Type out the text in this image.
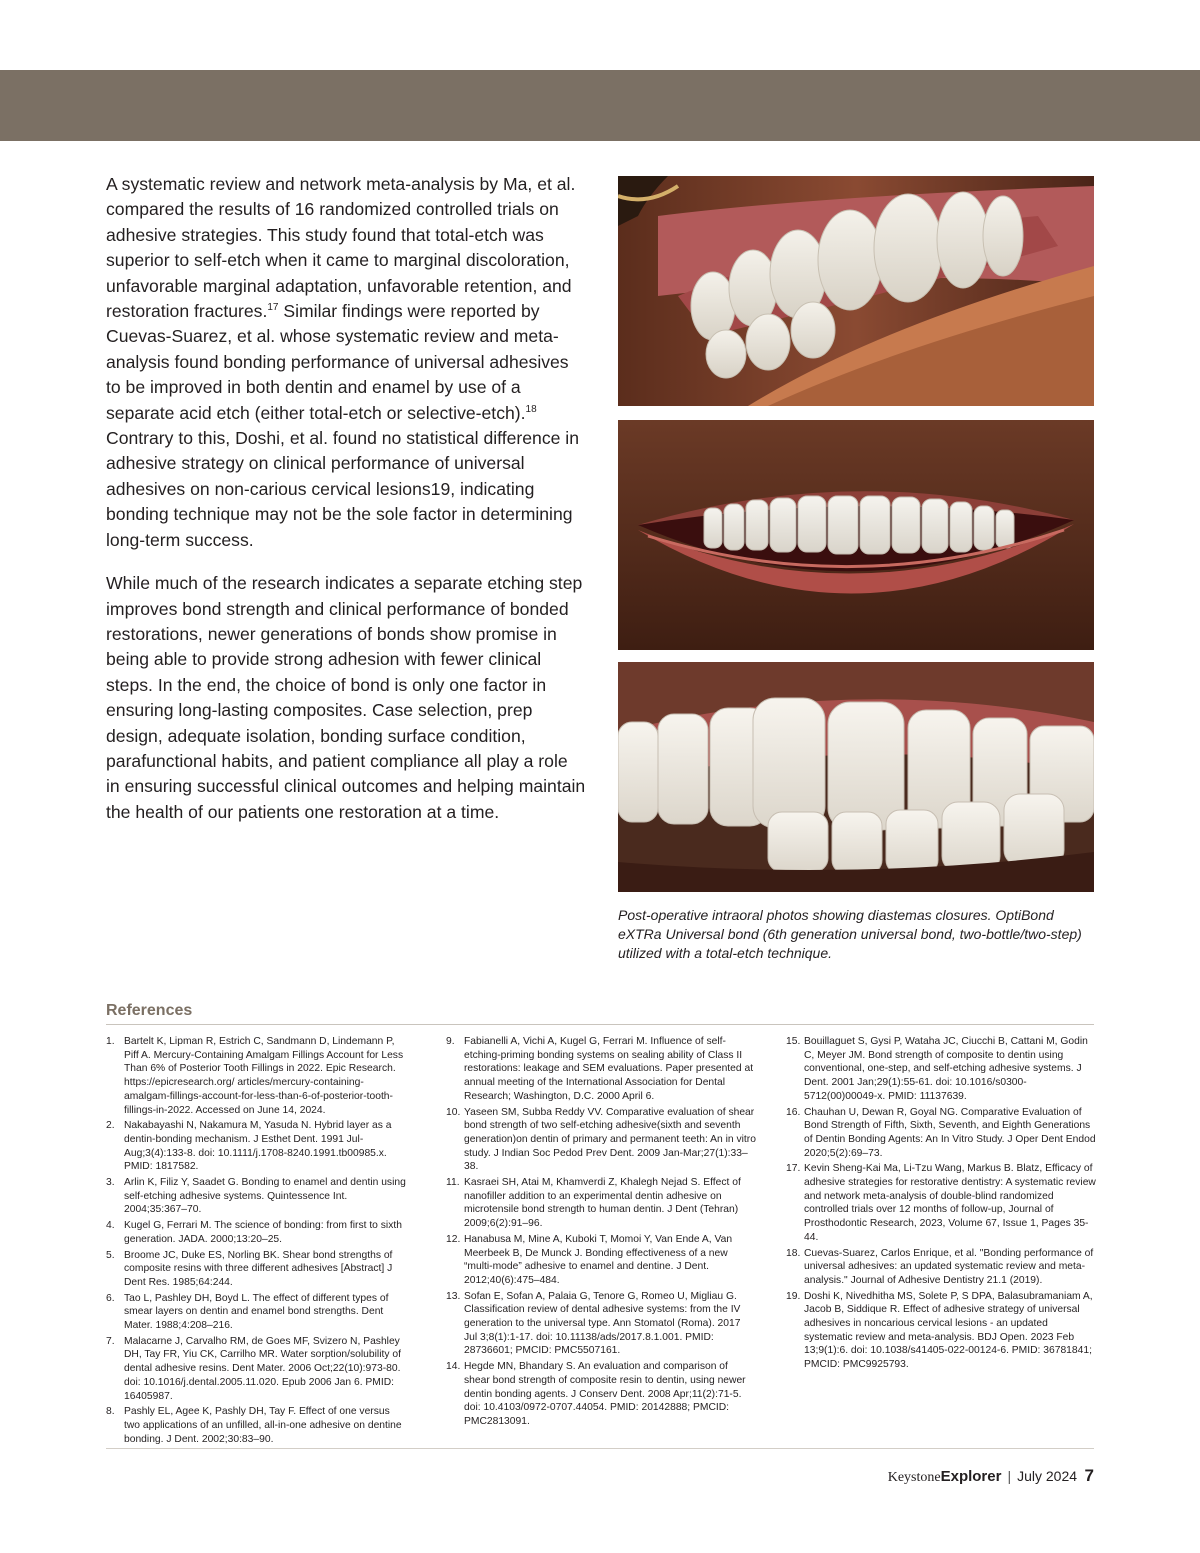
A systematic review and network meta-analysis by Ma, et al. compared the results of 16 randomized controlled trials on adhesive strategies. This study found that total-etch was superior to self-etch when it came to marginal discoloration, unfavorable marginal adaptation, unfavorable retention, and restoration fractures.$^{17}$ Similar findings were reported by Cuevas-Suarez, et al. whose systematic review and meta-analysis found bonding performance of universal adhesives to be improved in both dentin and enamel by use of a separate acid etch (either total-etch or selective-etch).$^{18}$ Contrary to this, Doshi, et al. found no statistical difference in adhesive strategy on clinical performance of universal adhesives on non-carious cervical lesions19, indicating bonding technique may not be the sole factor in determining long-term success.

While much of the research indicates a separate etching step improves bond strength and clinical performance of bonded restorations, newer generations of bonds show promise in being able to provide strong adhesion with fewer clinical steps. In the end, the choice of bond is only one factor in ensuring long-lasting composites. Case selection, prep design, adequate isolation, bonding surface condition, parafunctional habits, and patient compliance all play a role in ensuring successful clinical outcomes and helping maintain the health of our patients one restoration at a time.

Post-operative intraoral photos showing diastemas closures. OptiBond eXTRa Universal bond (6th generation universal bond, two-bottle/two-step) utilized with a total-etch technique.
References
1. Bartelt K, Lipman R, Estrich C, Sandmann D, Lindemann P, Piff A. Mercury-Containing Amalgam Fillings Account for Less Than 6% of Posterior Tooth Fillings in 2022. Epic Research. https://epicresearch.org/ articles/mercury-containing-amalgam-fillings-account-for-less-than-6-of-posterior-tooth-fillings-in-2022. Accessed on June 14, 2024.
2. Nakabayashi N, Nakamura M, Yasuda N. Hybrid layer as a dentin-bonding mechanism. J Esthet Dent. 1991 Jul-Aug;3(4):133-8. doi: 10.1111/j.1708-8240.1991.tb00985.x. PMID: 1817582.
3. Arlin K, Filiz Y, Saadet G. Bonding to enamel and dentin using self-etching adhesive systems. Quintessence Int. 2004;35:367–70.
4. Kugel G, Ferrari M. The science of bonding: from first to sixth generation. JADA. 2000;13:20–25.
5. Broome JC, Duke ES, Norling BK. Shear bond strengths of composite resins with three different adhesives [Abstract] J Dent Res. 1985;64:244.
6. Tao L, Pashley DH, Boyd L. The effect of different types of smear layers on dentin and enamel bond strengths. Dent Mater. 1988;4:208–216.
7. Malacarne J, Carvalho RM, de Goes MF, Svizero N, Pashley DH, Tay FR, Yiu CK, Carrilho MR. Water sorption/solubility of dental adhesive resins. Dent Mater. 2006 Oct;22(10):973-80. doi: 10.1016/j.dental.2005.11.020. Epub 2006 Jan 6. PMID: 16405987.
8. Pashly EL, Agee K, Pashly DH, Tay F. Effect of one versus two applications of an unfilled, all-in-one adhesive on dentine bonding. J Dent. 2002;30:83–90.
9. Fabianelli A, Vichi A, Kugel G, Ferrari M. Influence of self-etching-priming bonding systems on sealing ability of Class II restorations: leakage and SEM evaluations. Paper presented at annual meeting of the International Association for Dental Research; Washington, D.C. 2000 April 6.
10. Yaseen SM, Subba Reddy VV. Comparative evaluation of shear bond strength of two self-etching adhesive(sixth and seventh generation)on dentin of primary and permanent teeth: An in vitro study. J Indian Soc Pedod Prev Dent. 2009 Jan-Mar;27(1):33–38.
11. Kasraei SH, Atai M, Khamverdi Z, Khalegh Nejad S. Effect of nanofiller addition to an experimental dentin adhesive on microtensile bond strength to human dentin. J Dent (Tehran) 2009;6(2):91–96.
12. Hanabusa M, Mine A, Kuboki T, Momoi Y, Van Ende A, Van Meerbeek B, De Munck J. Bonding effectiveness of a new “multi-mode” adhesive to enamel and dentine. J Dent. 2012;40(6):475–484.
13. Sofan E, Sofan A, Palaia G, Tenore G, Romeo U, Migliau G. Classification review of dental adhesive systems: from the IV generation to the universal type. Ann Stomatol (Roma). 2017 Jul 3;8(1):1-17. doi: 10.11138/ads/2017.8.1.001. PMID: 28736601; PMCID: PMC5507161.
14. Hegde MN, Bhandary S. An evaluation and comparison of shear bond strength of composite resin to dentin, using newer dentin bonding agents. J Conserv Dent. 2008 Apr;11(2):71-5. doi: 10.4103/0972-0707.44054. PMID: 20142888; PMCID: PMC2813091.
15. Bouillaguet S, Gysi P, Wataha JC, Ciucchi B, Cattani M, Godin C, Meyer JM. Bond strength of composite to dentin using conventional, one-step, and self-etching adhesive systems. J Dent. 2001 Jan;29(1):55-61. doi: 10.1016/s0300-5712(00)00049-x. PMID: 11137639.
16. Chauhan U, Dewan R, Goyal NG. Comparative Evaluation of Bond Strength of Fifth, Sixth, Seventh, and Eighth Generations of Dentin Bonding Agents: An In Vitro Study. J Oper Dent Endod 2020;5(2):69–73.
17. Kevin Sheng-Kai Ma, Li-Tzu Wang, Markus B. Blatz, Efficacy of adhesive strategies for restorative dentistry: A systematic review and network meta-analysis of double-blind randomized controlled trials over 12 months of follow-up, Journal of Prosthodontic Research, 2023, Volume 67, Issue 1, Pages 35-44.
18. Cuevas-Suarez, Carlos Enrique, et al. "Bonding performance of universal adhesives: an updated systematic review and meta-analysis." Journal of Adhesive Dentistry 21.1 (2019).
19. Doshi K, Nivedhitha MS, Solete P, S DPA, Balasubramaniam A, Jacob B, Siddique R. Effect of adhesive strategy of universal adhesives in noncarious cervical lesions - an updated systematic review and meta-analysis. BDJ Open. 2023 Feb 13;9(1):6. doi: 10.1038/s41405-022-00124-6. PMID: 36781841; PMCID: PMC9925793.
KeystoneExplorer | July 2024 7
